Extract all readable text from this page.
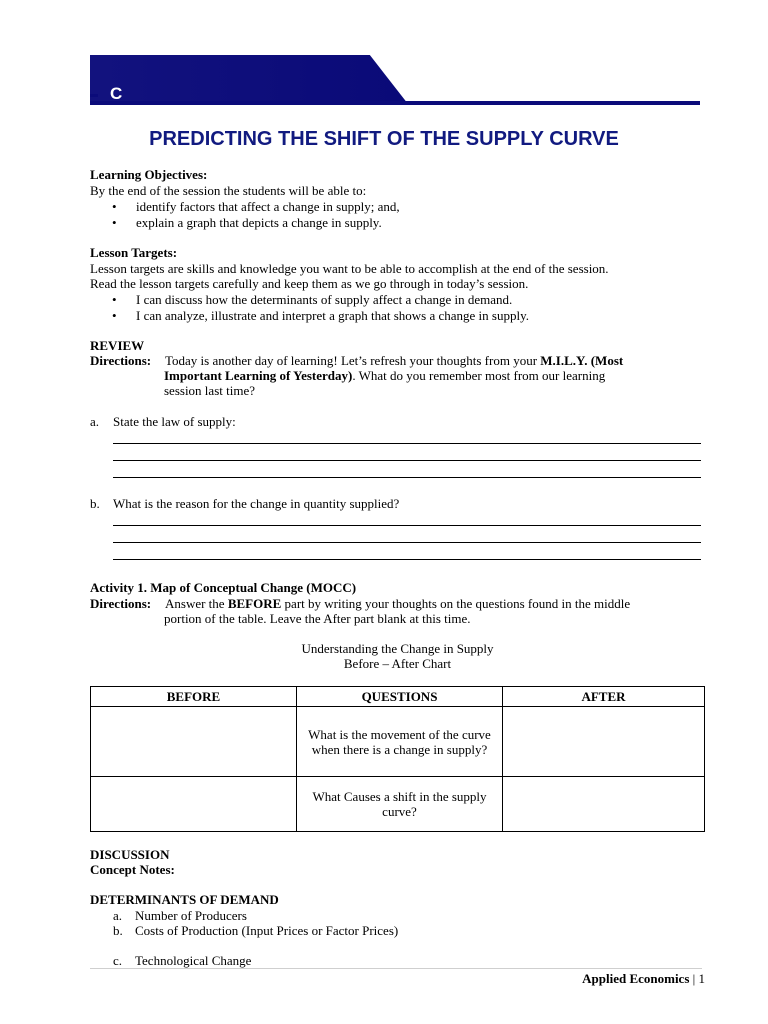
C
PREDICTING THE SHIFT OF THE SUPPLY CURVE
Learning Objectives:
By the end of the session the students will be able to:
• identify factors that affect a change in supply; and,
• explain a graph that depicts a change in supply.
Lesson Targets:
Lesson targets are skills and knowledge you want to be able to accomplish at the end of the session.
Read the lesson targets carefully and keep them as we go through in today’s session.
• I can discuss how the determinants of supply affect a change in demand.
• I can analyze, illustrate and interpret a graph that shows a change in supply.
REVIEW
Directions: Today is another day of learning! Let’s refresh your thoughts from your M.I.L.Y. (Most
Important Learning of Yesterday). What do you remember most from our learning
session last time?
a. State the law of supply:
b. What is the reason for the change in quantity supplied?
Activity 1. Map of Conceptual Change (MOCC)
Directions: Answer the BEFORE part by writing your thoughts on the questions found in the middle
portion of the table. Leave the After part blank at this time.
Understanding the Change in Supply
Before – After Chart
BEFORE	QUESTIONS	AFTER

	What is the movement of the curve when there is a change in supply?	

	What Causes a shift in the supply curve?	

DISCUSSION
Concept Notes:
DETERMINANTS OF DEMAND
a. Number of Producers
b. Costs of Production (Input Prices or Factor Prices)
c. Technological Change
Applied Economics | 1
